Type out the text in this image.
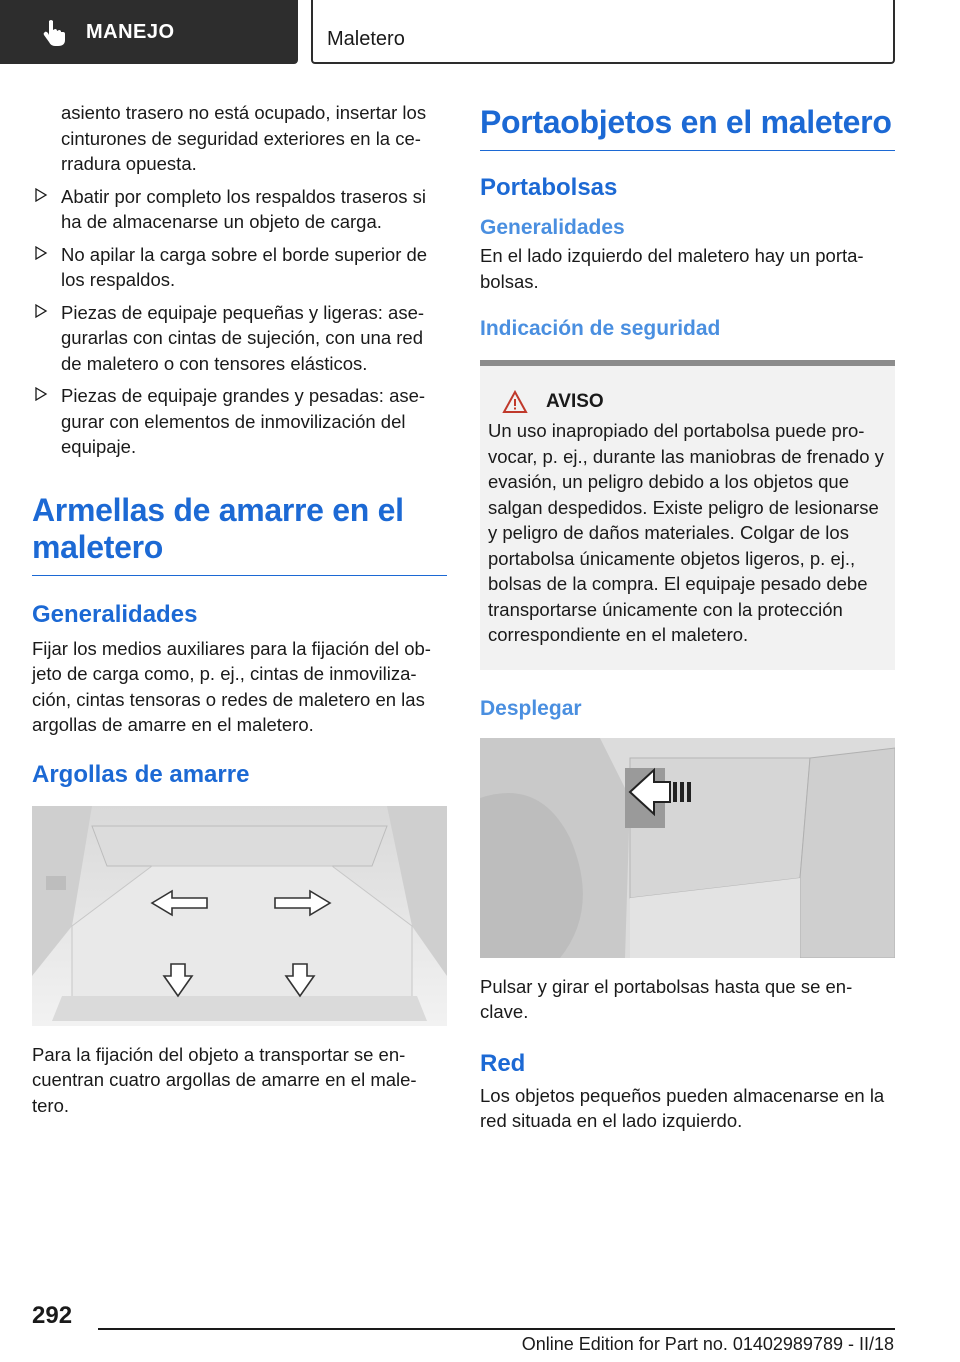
MANEJO	Maletero

asiento trasero no está ocupado, insertar los cinturones de seguridad exteriores en la ce-rradura opuesta.

Abatir por completo los respaldos traseros si ha de almacenarse un objeto de carga.
No apilar la carga sobre el borde superior de los respaldos.
Piezas de equipaje pequeñas y ligeras: ase-gurarlas con cintas de sujeción, con una red de maletero o con tensores elásticos.
Piezas de equipaje grandes y pesadas: ase-gurar con elementos de inmovilización del equipaje.
Armellas de amarre en el maletero
Generalidades

Fijar los medios auxiliares para la fijación del ob-jeto de carga como, p. ej., cintas de inmoviliza-ción, cintas tensoras o redes de maletero en las argollas de amarre en el maletero.

Argollas de amarre

Para la fijación del objeto a transportar se en-cuentran cuatro argollas de amarre en el male-tero.

Portaobjetos en el maletero
Portabolsas
Generalidades

En el lado izquierdo del maletero hay un porta-bolsas.

Indicación de seguridad
AVISO

Un uso inapropiado del portabolsa puede pro-vocar, p. ej., durante las maniobras de frenado y evasión, un peligro debido a los objetos que salgan despedidos. Existe peligro de lesionarse y peligro de daños materiales. Colgar de los portabolsa únicamente objetos ligeros, p. ej., bolsas de la compra. El equipaje pesado debe transportarse únicamente con la protección correspondiente en el maletero.

Desplegar

Pulsar y girar el portabolsas hasta que se en-clave.

Red

Los objetos pequeños pueden almacenarse en la red situada en el lado izquierdo.

292
Online Edition for Part no. 01402989789 - II/18
